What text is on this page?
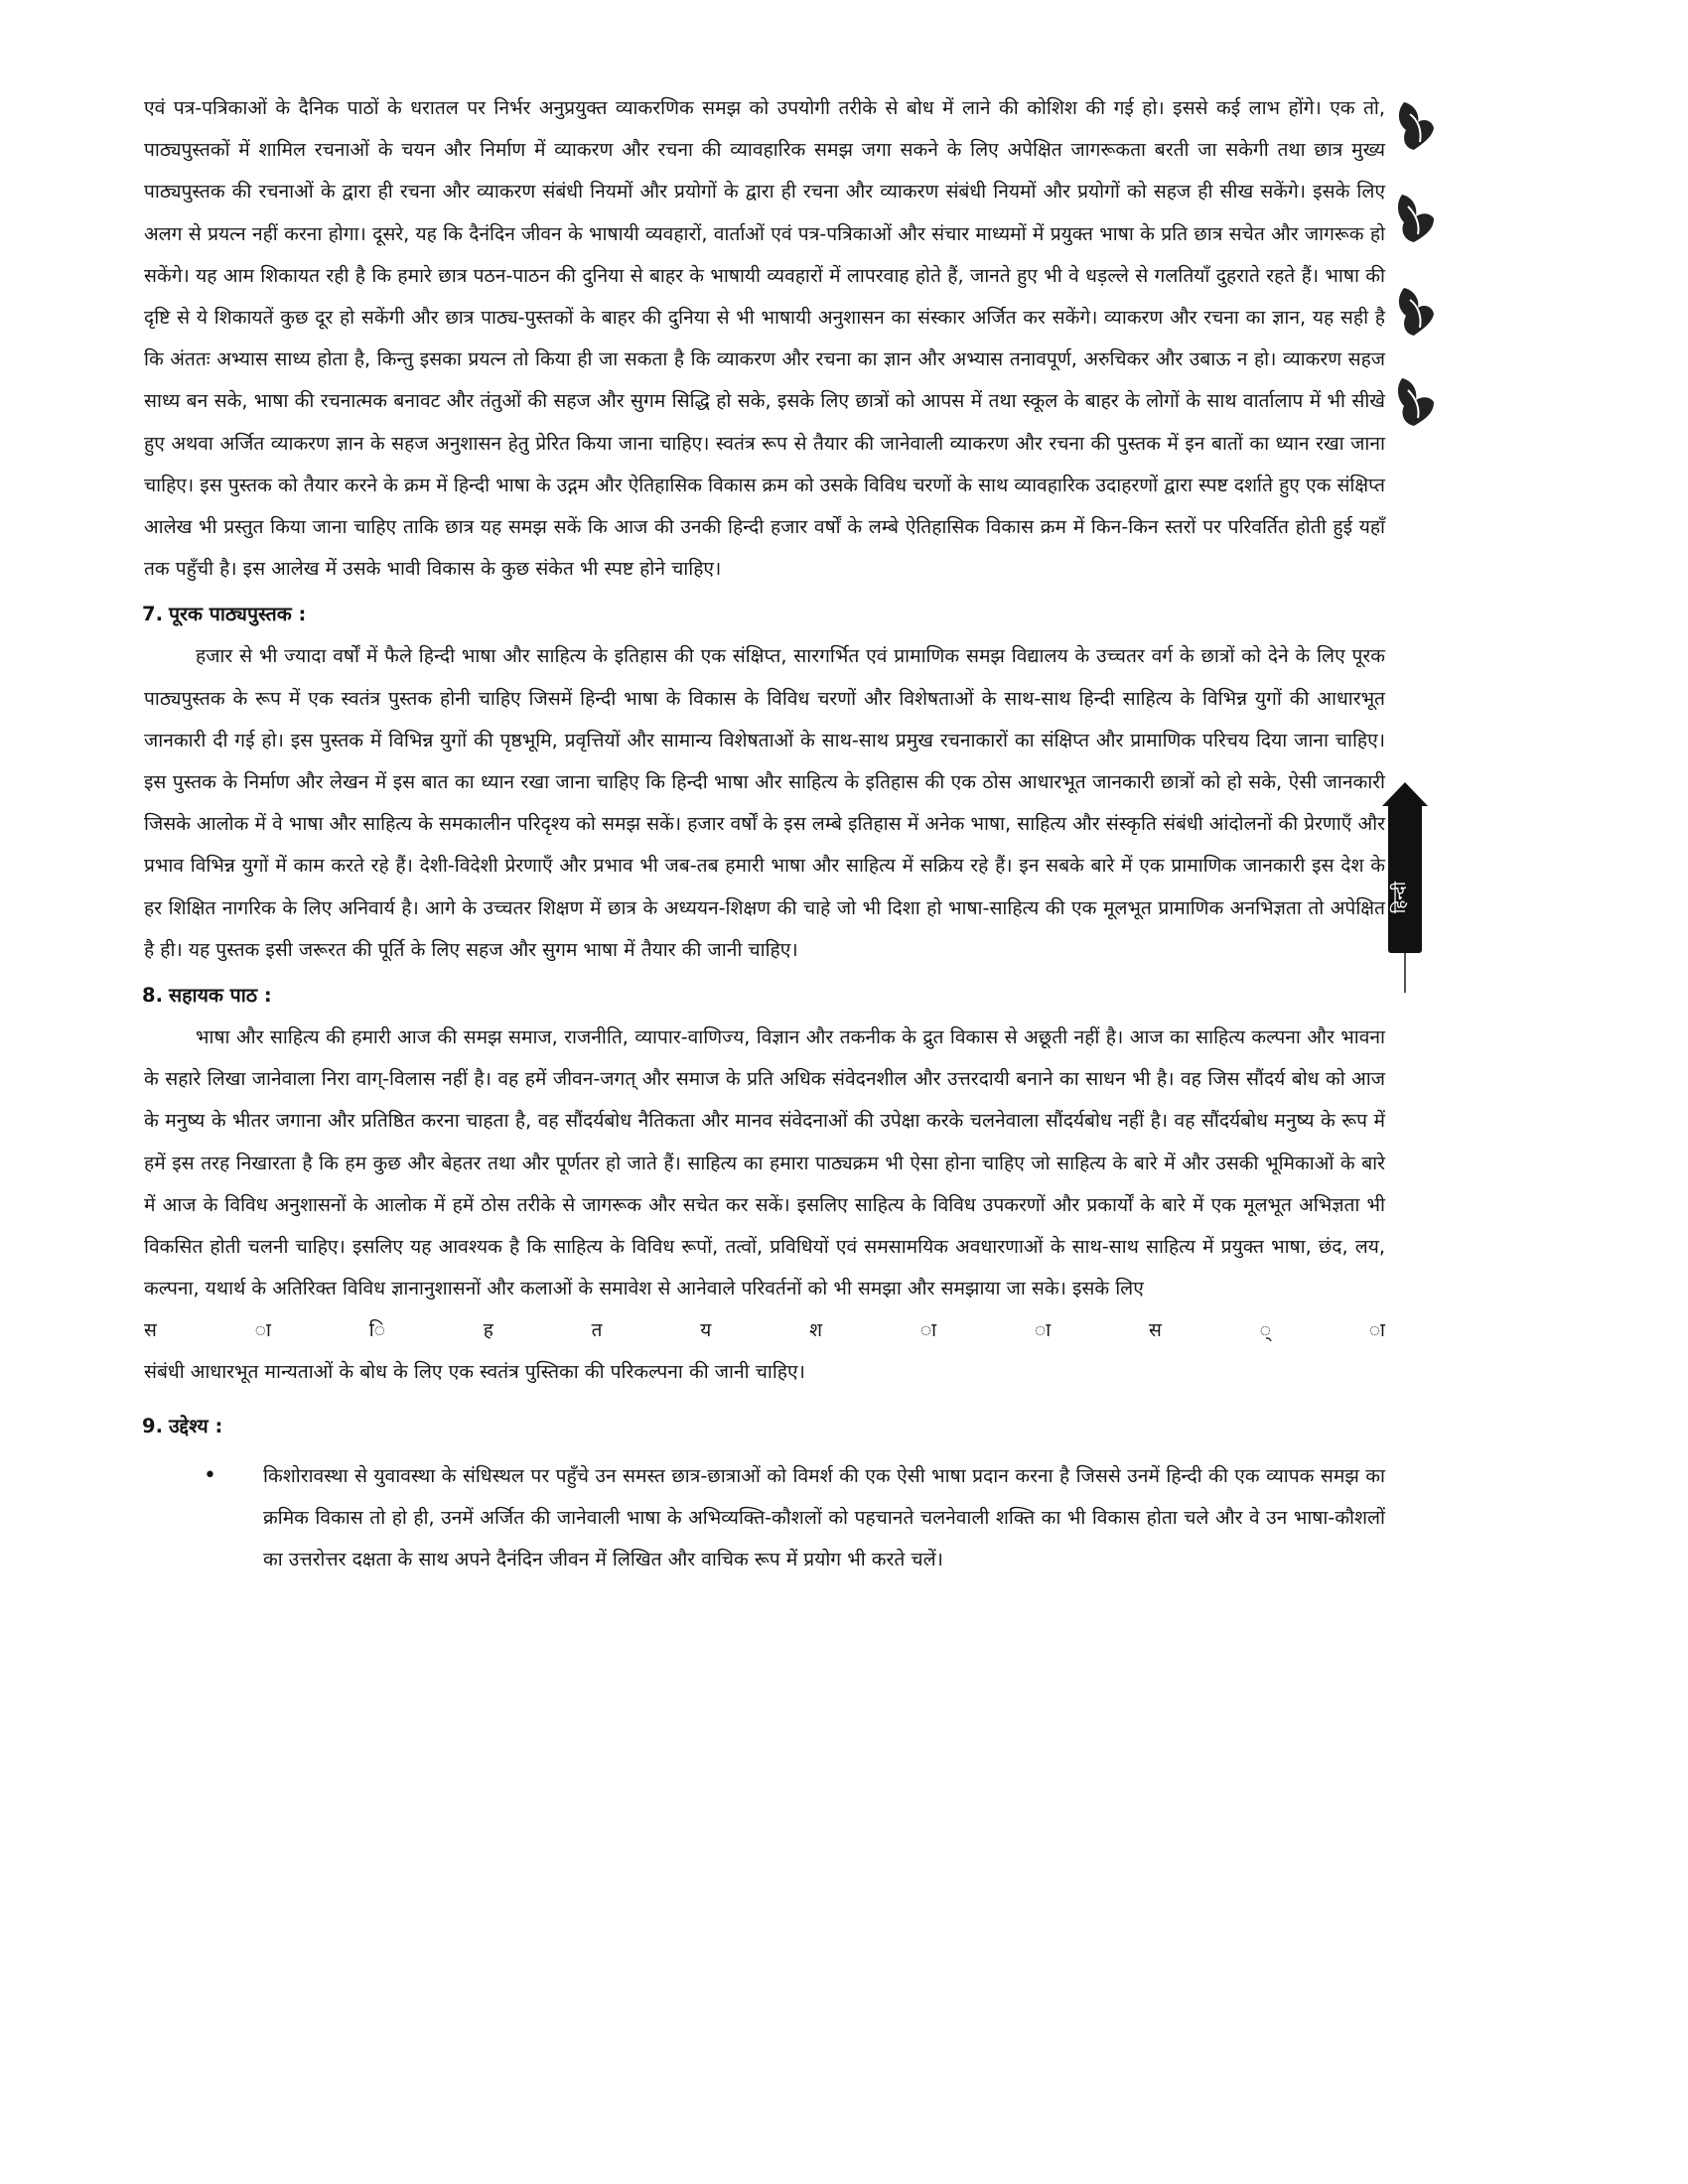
हिन्दी

एवं पत्र-पत्रिकाओं के दैनिक पाठों के धरातल पर निर्भर अनुप्रयुक्त व्याकरणिक समझ को उपयोगी तरीके से बोध में लाने की कोशिश की गई हो। इससे कई लाभ होंगे। एक तो, पाठ्यपुस्तकों में शामिल रचनाओं के चयन और निर्माण में व्याकरण और रचना की व्यावहारिक समझ जगा सकने के लिए अपेक्षित जागरूकता बरती जा सकेगी तथा छात्र मुख्य पाठ्यपुस्तक की रचनाओं के द्वारा ही रचना और व्याकरण संबंधी नियमों और प्रयोगों के द्वारा ही रचना और व्याकरण संबंधी नियमों और प्रयोगों को सहज ही सीख सकेंगे। इसके लिए अलग से प्रयत्न नहीं करना होगा। दूसरे, यह कि दैनंदिन जीवन के भाषायी व्यवहारों, वार्ताओं एवं पत्र-पत्रिकाओं और संचार माध्यमों में प्रयुक्त भाषा के प्रति छात्र सचेत और जागरूक हो सकेंगे। यह आम शिकायत रही है कि हमारे छात्र पठन-पाठन की दुनिया से बाहर के भाषायी व्यवहारों में लापरवाह होते हैं, जानते हुए भी वे धड़ल्ले से गलतियाँ दुहराते रहते हैं। भाषा की दृष्टि से ये शिकायतें कुछ दूर हो सकेंगी और छात्र पाठ्य-पुस्तकों के बाहर की दुनिया से भी भाषायी अनुशासन का संस्कार अर्जित कर सकेंगे। व्याकरण और रचना का ज्ञान, यह सही है कि अंततः अभ्यास साध्य होता है, किन्तु इसका प्रयत्न तो किया ही जा सकता है कि व्याकरण और रचना का ज्ञान और अभ्यास तनावपूर्ण, अरुचिकर और उबाऊ न हो। व्याकरण सहज साध्य बन सके, भाषा की रचनात्मक बनावट और तंतुओं की सहज और सुगम सिद्धि हो सके, इसके लिए छात्रों को आपस में तथा स्कूल के बाहर के लोगों के साथ वार्तालाप में भी सीखे हुए अथवा अर्जित व्याकरण ज्ञान के सहज अनुशासन हेतु प्रेरित किया जाना चाहिए। स्वतंत्र रूप से तैयार की जानेवाली व्याकरण और रचना की पुस्तक में इन बातों का ध्यान रखा जाना चाहिए। इस पुस्तक को तैयार करने के क्रम में हिन्दी भाषा के उद्गम और ऐतिहासिक विकास क्रम को उसके विविध चरणों के साथ व्यावहारिक उदाहरणों द्वारा स्पष्ट दर्शाते हुए एक संक्षिप्त आलेख भी प्रस्तुत किया जाना चाहिए ताकि छात्र यह समझ सकें कि आज की उनकी हिन्दी हजार वर्षों के लम्बे ऐतिहासिक विकास क्रम में किन-किन स्तरों पर परिवर्तित होती हुई यहाँ तक पहुँची है। इस आलेख में उसके भावी विकास के कुछ संकेत भी स्पष्ट होने चाहिए।

7. पूरक पाठ्यपुस्तक :

हजार से भी ज्यादा वर्षों में फैले हिन्दी भाषा और साहित्य के इतिहास की एक संक्षिप्त, सारगर्भित एवं प्रामाणिक समझ विद्यालय के उच्चतर वर्ग के छात्रों को देने के लिए पूरक पाठ्यपुस्तक के रूप में एक स्वतंत्र पुस्तक होनी चाहिए जिसमें हिन्दी भाषा के विकास के विविध चरणों और विशेषताओं के साथ-साथ हिन्दी साहित्य के विभिन्न युगों की आधारभूत जानकारी दी गई हो। इस पुस्तक में विभिन्न युगों की पृष्ठभूमि, प्रवृत्तियों और सामान्य विशेषताओं के साथ-साथ प्रमुख रचनाकारों का संक्षिप्त और प्रामाणिक परिचय दिया जाना चाहिए। इस पुस्तक के निर्माण और लेखन में इस बात का ध्यान रखा जाना चाहिए कि हिन्दी भाषा और साहित्य के इतिहास की एक ठोस आधारभूत जानकारी छात्रों को हो सके, ऐसी जानकारी जिसके आलोक में वे भाषा और साहित्य के समकालीन परिदृश्य को समझ सकें। हजार वर्षों के इस लम्बे इतिहास में अनेक भाषा, साहित्य और संस्कृति संबंधी आंदोलनों की प्रेरणाएँ और प्रभाव विभिन्न युगों में काम करते रहे हैं। देशी-विदेशी प्रेरणाएँ और प्रभाव भी जब-तब हमारी भाषा और साहित्य में सक्रिय रहे हैं। इन सबके बारे में एक प्रामाणिक जानकारी इस देश के हर शिक्षित नागरिक के लिए अनिवार्य है। आगे के उच्चतर शिक्षण में छात्र के अध्ययन-शिक्षण की चाहे जो भी दिशा हो भाषा-साहित्य की एक मूलभूत प्रामाणिक अनभिज्ञता तो अपेक्षित है ही। यह पुस्तक इसी जरूरत की पूर्ति के लिए सहज और सुगम भाषा में तैयार की जानी चाहिए।

8. सहायक पाठ :

भाषा और साहित्य की हमारी आज की समझ समाज, राजनीति, व्यापार-वाणिज्य, विज्ञान और तकनीक के द्रुत विकास से अछूती नहीं है। आज का साहित्य कल्पना और भावना के सहारे लिखा जानेवाला निरा वाग्-विलास नहीं है। वह हमें जीवन-जगत् और समाज के प्रति अधिक संवेदनशील और उत्तरदायी बनाने का साधन भी है। वह जिस सौंदर्य बोध को आज के मनुष्य के भीतर जगाना और प्रतिष्ठित करना चाहता है, वह सौंदर्यबोध नैतिकता और मानव संवेदनाओं की उपेक्षा करके चलनेवाला सौंदर्यबोध नहीं है। वह सौंदर्यबोध मनुष्य के रूप में हमें इस तरह निखारता है कि हम कुछ और बेहतर तथा और पूर्णतर हो जाते हैं। साहित्य का हमारा पाठ्यक्रम भी ऐसा होना चाहिए जो साहित्य के बारे में और उसकी भूमिकाओं के बारे में आज के विविध अनुशासनों के आलोक में हमें ठोस तरीके से जागरूक और सचेत कर सकें। इसलिए साहित्य के विविध उपकरणों और प्रकार्यों के बारे में एक मूलभूत अभिज्ञता भी विकसित होती चलनी चाहिए। इसलिए यह आवश्यक है कि साहित्य के विविध रूपों, तत्वों, प्रविधियों एवं समसामयिक अवधारणाओं के साथ-साथ साहित्य में प्रयुक्त भाषा, छंद, लय, कल्पना, यथार्थ के अतिरिक्त विविध ज्ञानानुशासनों और कलाओं के समावेश से आनेवाले परिवर्तनों को भी समझा और समझाया जा सके। इसके लिए

स	ा	ि	ह	त	य	श	ा	ा	स	्	ा

संबंधी आधारभूत मान्यताओं के बोध के लिए एक स्वतंत्र पुस्तिका की परिकल्पना की जानी चाहिए।

9. उद्देश्य :
•	किशोरावस्था से युवावस्था के संधिस्थल पर पहुँचे उन समस्त छात्र-छात्राओं को विमर्श की एक ऐसी भाषा प्रदान करना है जिससे उनमें हिन्दी की एक व्यापक समझ का क्रमिक विकास तो हो ही, उनमें अर्जित की जानेवाली भाषा के अभिव्यक्ति-कौशलों को पहचानते चलनेवाली शक्ति का भी विकास होता चले और वे उन भाषा-कौशलों का उत्तरोत्तर दक्षता के साथ अपने दैनंदिन जीवन में लिखित और वाचिक रूप में प्रयोग भी करते चलें।
